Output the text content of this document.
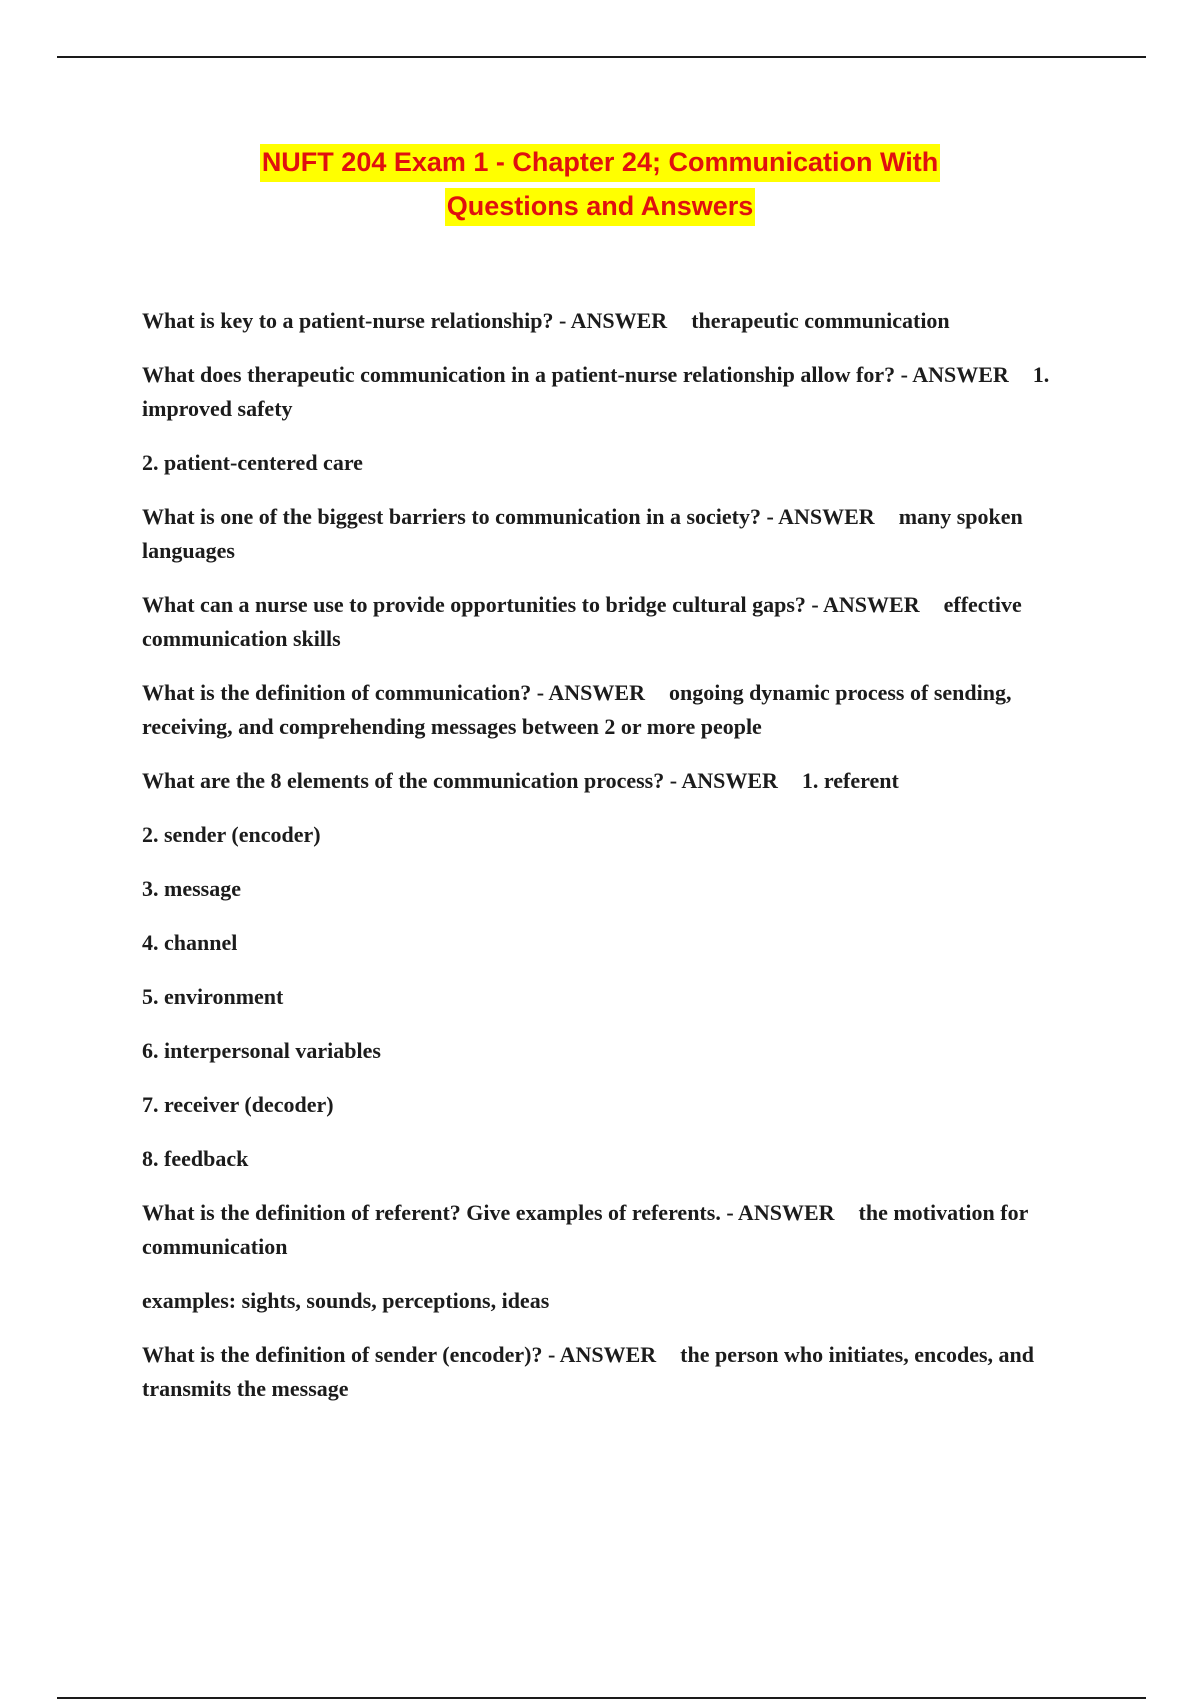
NUFT 204 Exam 1 - Chapter 24; Communication With
Questions and Answers

What is key to a patient-nurse relationship? - ANSWER therapeutic communication

What does therapeutic communication in a patient-nurse relationship allow for? - ANSWER 1. improved safety

2. patient-centered care

What is one of the biggest barriers to communication in a society? - ANSWER many spoken languages

What can a nurse use to provide opportunities to bridge cultural gaps? - ANSWER effective communication skills

What is the definition of communication? - ANSWER ongoing dynamic process of sending, receiving, and comprehending messages between 2 or more people

What are the 8 elements of the communication process? - ANSWER 1. referent

2. sender (encoder)

3. message

4. channel

5. environment

6. interpersonal variables

7. receiver (decoder)

8. feedback

What is the definition of referent? Give examples of referents. - ANSWER the motivation for communication

examples: sights, sounds, perceptions, ideas

What is the definition of sender (encoder)? - ANSWER the person who initiates, encodes, and transmits the message
